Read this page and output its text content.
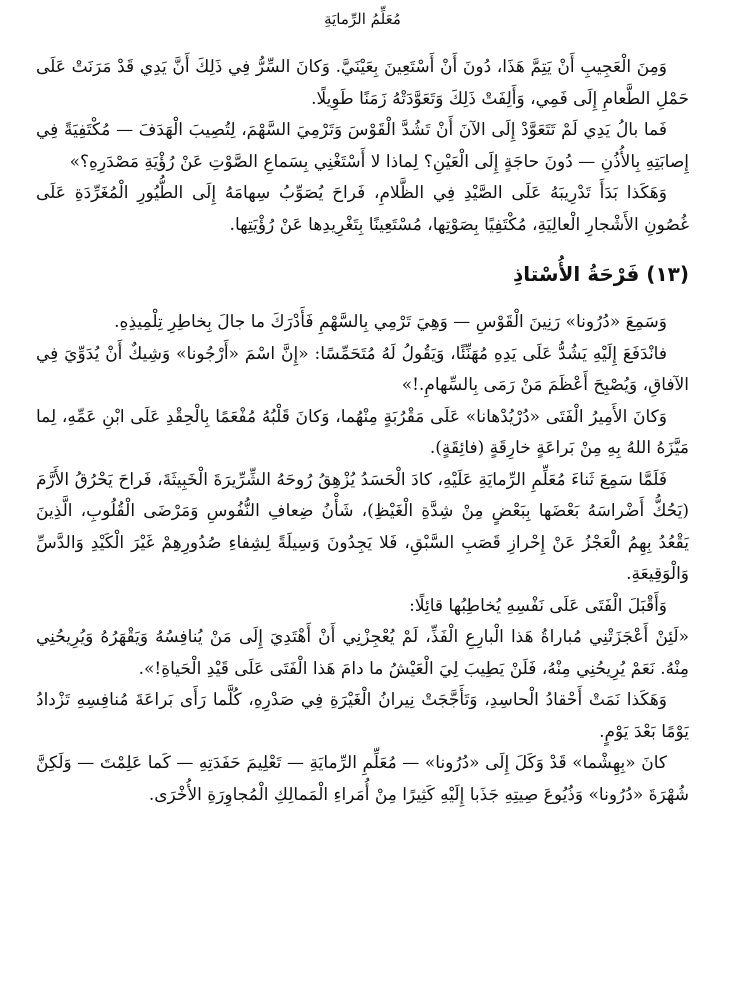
مُعَلِّمُ الرِّمايَةِ

وَمِنَ الْعَجِيبِ أَنْ يَتِمَّ هَذَا، دُونَ أَنْ أَسْتَعِينَ بِعَيْنَيَّ. وَكانَ السِّرُّ فِي ذَلِكَ أَنَّ يَدِي قَدْ مَرَنَتْ عَلَى حَمْلِ الطَّعامِ إِلَى فَمِي، وَأَلِفَتْ ذَلِكَ وَتَعَوَّدَتْهُ زَمَنًا طَوِيلًا.

فَما بالُ يَدِي لَمْ تَتَعَوَّدْ إِلَى الآنَ أَنْ تَشُدَّ الْقَوْسَ وَتَرْمِيَ السَّهْمَ، لِتُصِيبَ الْهَدَفَ — مُكْتَفِيَةً فِي إِصابَتِهِ بِالأُذُنِ — دُونَ حاجَةٍ إِلَى الْعَيْنِ؟ لِماذا لا أَسْتَغْنِي بِسَماعِ الصَّوْتِ عَنْ رُؤْيَةِ مَصْدَرِهِ؟»

وَهَكَذا بَدَأَ تَدْرِيبَهُ عَلَى الصَّيْدِ فِي الظَّلامِ، فَراحَ يُصَوِّبُ سِهامَهُ إِلَى الطُّيُورِ الْمُغَرِّدَةِ عَلَى غُصُونِ الأَشْجارِ الْعالِيَةِ، مُكْتَفِيًا بِصَوْتِها، مُسْتَعِينًا بِتَغْرِيدِها عَنْ رُؤْيَتِها.

(١٣) فَرْحَةُ الأُسْتاذِ

وَسَمِعَ «دُرُونا» رَنِينَ الْقَوْسِ — وَهِيَ تَرْمِي بِالسَّهْمِ فَأَدْرَكَ ما جالَ بِخاطِرِ تِلْمِيذِهِ.

فانْدَفَعَ إِلَيْهِ يَشُدُّ عَلَى يَدِهِ مُهَنِّئًا، وَيَقُولُ لَهُ مُتَحَمِّسًا: «إِنَّ اسْمَ «أَرْجُونا» وَشِيكٌ أَنْ يُدَوِّيَ فِي الآفاقِ، وَيُصْبِحَ أَعْظَمَ مَنْ رَمَى بِالسِّهامِ.!»

وَكانَ الأَمِيرُ الْفَتَى «دُرْيُدْهانا» عَلَى مَقْرُبَةٍ مِنْهُما، وَكانَ قَلْبُهُ مُفْعَمًا بِالْحِقْدِ عَلَى ابْنِ عَمِّهِ، لِما مَيَّزَهُ اللهُ بِهِ مِنْ بَراعَةٍ خارِقَةٍ (فائِقَةٍ).

فَلَمَّا سَمِعَ ثَناءَ مُعَلِّمِ الرِّمايَةِ عَلَيْهِ، كادَ الْحَسَدُ يُزْهِقُ رُوحَهُ الشِّرِّيرَةَ الْخَبِيثَةَ، فَراحَ يَحْرُقُ الأَرَّمَ (يَحُكُّ أَضْراسَهُ بَعْضَها بِبَعْضٍ مِنْ شِدَّةِ الْغَيْظِ)، شَأْنُ ضِعافِ النُّفُوسِ وَمَرْضَى الْقُلُوبِ، الَّذِينَ يَقْعُدُ بِهِمُ الْعَجْزُ عَنْ إِحْرازِ قَصَبِ السَّبْقِ، فَلا يَجِدُونَ وَسِيلَةً لِشِفاءِ صُدُورِهِمْ غَيْرَ الْكَيْدِ وَالدَّسِّ وَالْوَقِيعَةِ.

وَأَقْبَلَ الْفَتَى عَلَى نَفْسِهِ يُخاطِبُها قائِلًا:

«لَئِنْ أَعْجَزَتْنِي مُباراةُ هَذا الْبارِعِ الْفَذِّ، لَمْ يُعْجِزْنِي أَنْ أَهْتَدِيَ إِلَى مَنْ يُنافِسُهُ وَيَقْهَرُهُ وَيُرِيحُنِي مِنْهُ. نَعَمْ يُرِيحُنِي مِنْهُ، فَلَنْ يَطِيبَ لِيَ الْعَيْشُ ما دامَ هَذا الْفَتَى عَلَى قَيْدِ الْحَياةِ!».

وَهَكَذا نَمَتْ أَحْقادُ الْحاسِدِ، وَتَأَجَّجَتْ نِيرانُ الْغَيْرَةِ فِي صَدْرِهِ، كُلَّما رَأَى بَراعَةَ مُنافِسِهِ تَزْدادُ يَوْمًا بَعْدَ يَوْمٍ.

كانَ «بِهِشْما» قَدْ وَكَلَ إِلَى «دُرُونا» — مُعَلِّمِ الرِّمايَةِ — تَعْلِيمَ حَفَدَتِهِ — كَما عَلِمْتَ — وَلَكِنَّ شُهْرَةَ «دُرُونا» وَذُيُوعَ صِيتِهِ جَذَبا إِلَيْهِ كَثِيرًا مِنْ أُمَراءِ الْمَمالِكِ الْمُجاوِرَةِ الأُخْرَى.
